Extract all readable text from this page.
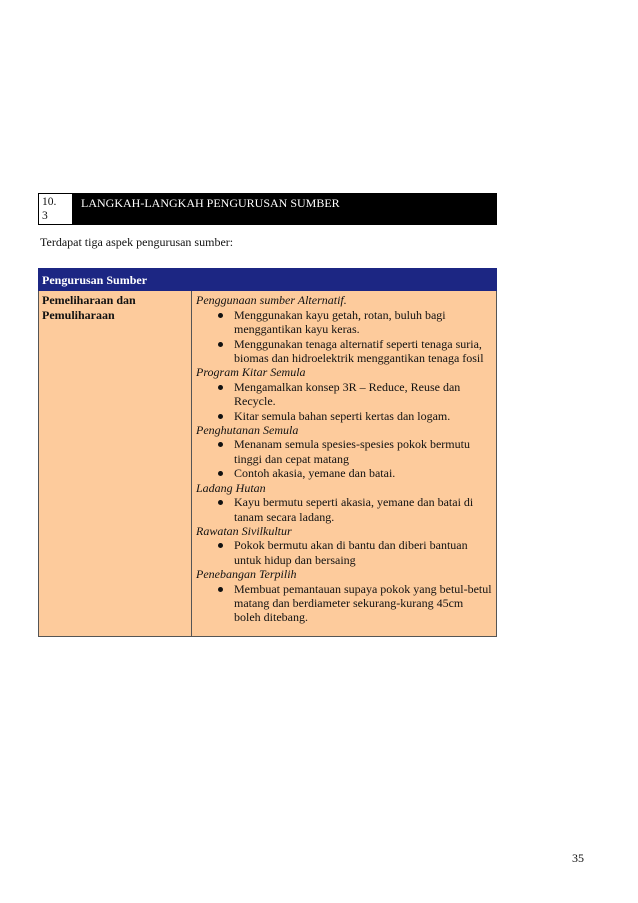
10.
3
LANGKAH-LANGKAH PENGURUSAN SUMBER
Terdapat tiga aspek pengurusan sumber:
Pengurusan Sumber
Pemeliharaan dan Pemuliharaan	
Penggunaan sumber Alternatif.
Menggunakan kayu getah, rotan, buluh bagi menggantikan kayu keras.
Menggunakan tenaga alternatif seperti tenaga suria, biomas dan hidroelektrik menggantikan tenaga fosil
Program Kitar Semula
Mengamalkan konsep 3R – Reduce, Reuse dan Recycle.
Kitar semula bahan seperti kertas dan logam.
Penghutanan Semula
Menanam semula spesies-spesies pokok bermutu tinggi dan cepat matang
Contoh akasia, yemane dan batai.
Ladang Hutan
Kayu bermutu seperti akasia, yemane dan batai di tanam secara ladang.
Rawatan Sivilkultur
Pokok bermutu akan di bantu dan diberi bantuan untuk hidup dan bersaing
Penebangan Terpilih
Membuat pemantauan supaya pokok yang betul-betul matang dan berdiameter sekurang-kurang 45cm boleh ditebang.
35
